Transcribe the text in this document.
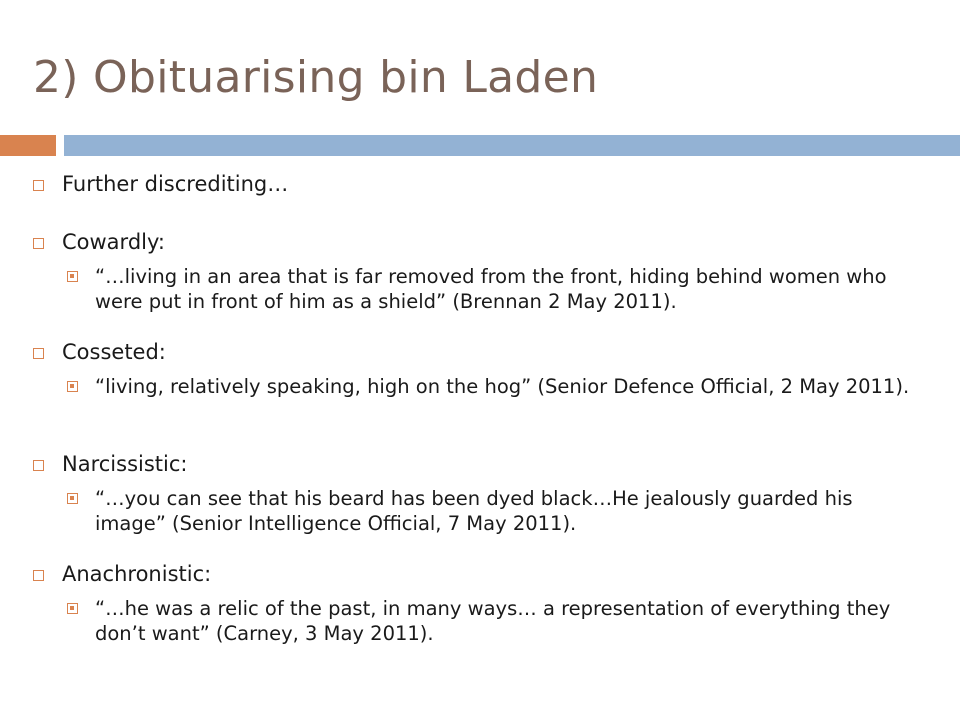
2) Obituarising bin Laden
Further discrediting…
Cowardly:
“…living in an area that is far removed from the front, hiding behind women who were put in front of him as a shield” (Brennan 2 May 2011).
Cosseted:
“living, relatively speaking, high on the hog” (Senior Defence Official, 2 May 2011).
Narcissistic:
“…you can see that his beard has been dyed black…He jealously guarded his image” (Senior Intelligence Official, 7 May 2011).
Anachronistic:
“…he was a relic of the past, in many ways… a representation of everything they don’t want” (Carney, 3 May 2011).
